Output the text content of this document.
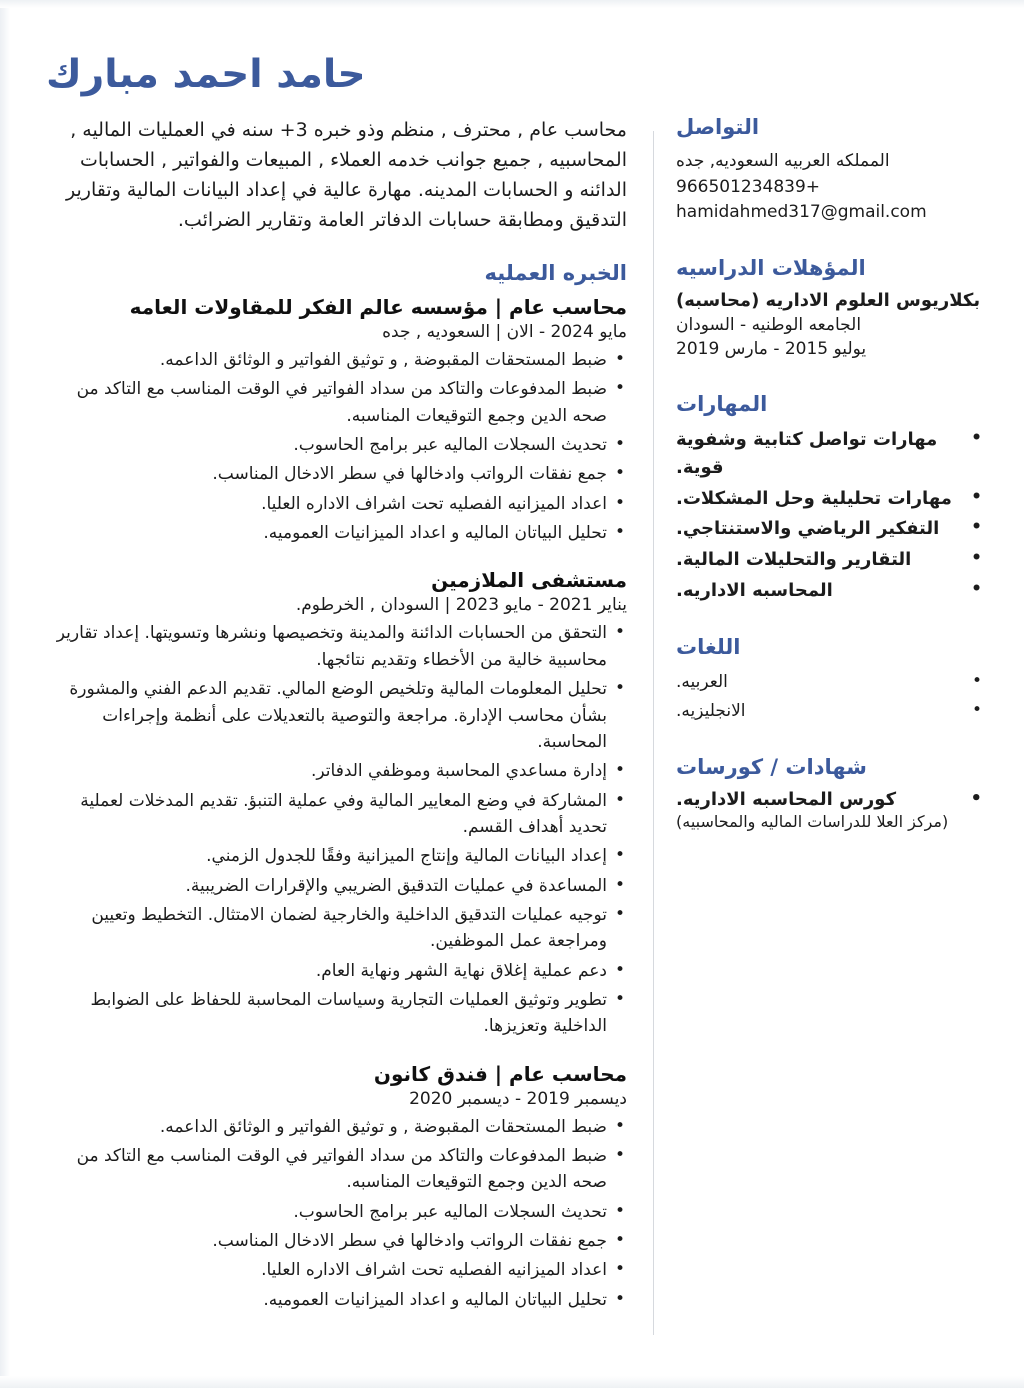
حامد احمد مبارك
التواصل
المملكه العربيه السعوديه, جده
+966501234839
hamidahmed317@gmail.com
المؤهلات الدراسيه
بكلاريوس العلوم الاداريه (محاسبه)
الجامعه الوطنيه - السودان
يوليو 2015 - مارس 2019
المهارات
• مهارات تواصل كتابية وشفوية قوية.
• مهارات تحليلية وحل المشكلات.
• التفكير الرياضي والاستنتاجي.
• التقارير والتحليلات المالية.
• المحاسبه الاداريه.
اللغات
• العربيه.
• الانجليزيه.
شهادات / كورسات
• كورس المحاسبه الاداريه.
(مركز العلا للدراسات الماليه والمحاسبيه)

محاسب عام , محترف , منظم وذو خبره 3+ سنه في العمليات الماليه , المحاسبيه , جميع جوانب خدمه العملاء , المبيعات والفواتير , الحسابات الدائنه و الحسابات المدينه. مهارة عالية في إعداد البيانات المالية وتقارير التدقيق ومطابقة حسابات الدفاتر العامة وتقارير الضرائب.

الخبره العمليه
محاسب عام | مؤسسه عالم الفكر للمقاولات العامه
مايو 2024 - الان | السعوديه , جده
• ضبط المستحقات المقبوضة , و توثيق الفواتير و الوثائق الداعمه.
• ضبط المدفوعات والتاكد من سداد الفواتير في الوقت المناسب مع التاكد من صحه الدين وجمع التوقيعات المناسبه.
• تحديث السجلات الماليه عبر برامج الحاسوب.
• جمع نفقات الرواتب وادخالها في سطر الادخال المناسب.
• اعداد الميزانيه الفصليه تحت اشراف الاداره العليا.
• تحليل البياتان الماليه و اعداد الميزانيات العموميه.
مستشفى الملازمين
يناير 2021 - مايو 2023 | السودان , الخرطوم.
• التحقق من الحسابات الدائنة والمدينة وتخصيصها ونشرها وتسويتها. إعداد تقارير محاسبية خالية من الأخطاء وتقديم نتائجها.
• تحليل المعلومات المالية وتلخيص الوضع المالي. تقديم الدعم الفني والمشورة بشأن محاسب الإدارة. مراجعة والتوصية بالتعديلات على أنظمة وإجراءات المحاسبة.
• إدارة مساعدي المحاسبة وموظفي الدفاتر.
• المشاركة في وضع المعايير المالية وفي عملية التنبؤ. تقديم المدخلات لعملية تحديد أهداف القسم.
• إعداد البيانات المالية وإنتاج الميزانية وفقًا للجدول الزمني.
• المساعدة في عمليات التدقيق الضريبي والإقرارات الضريبية.
• توجيه عمليات التدقيق الداخلية والخارجية لضمان الامتثال. التخطيط وتعيين ومراجعة عمل الموظفين.
• دعم عملية إغلاق نهاية الشهر ونهاية العام.
• تطوير وتوثيق العمليات التجارية وسياسات المحاسبة للحفاظ على الضوابط الداخلية وتعزيزها.
محاسب عام | فندق كانون
ديسمبر 2019 - ديسمبر 2020
• ضبط المستحقات المقبوضة , و توثيق الفواتير و الوثائق الداعمه.
• ضبط المدفوعات والتاكد من سداد الفواتير في الوقت المناسب مع التاكد من صحه الدين وجمع التوقيعات المناسبه.
• تحديث السجلات الماليه عبر برامج الحاسوب.
• جمع نفقات الرواتب وادخالها في سطر الادخال المناسب.
• اعداد الميزانيه الفصليه تحت اشراف الاداره العليا.
• تحليل البياتان الماليه و اعداد الميزانيات العموميه.
